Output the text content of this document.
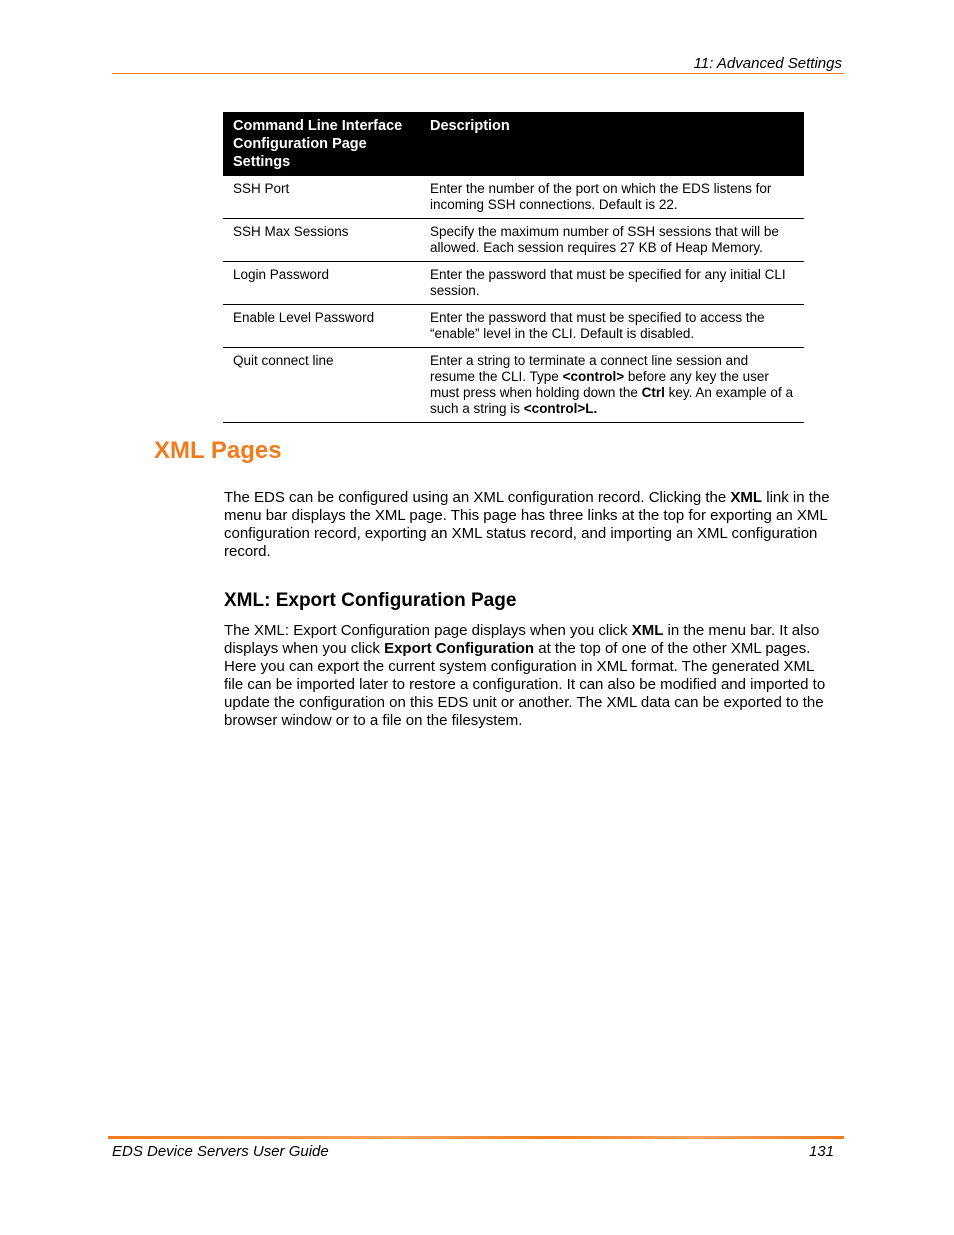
11: Advanced Settings
Command Line Interface Configuration Page Settings	Description
SSH Port	Enter the number of the port on which the EDS listens for incoming SSH connections. Default is 22.
SSH Max Sessions	Specify the maximum number of SSH sessions that will be allowed. Each session requires 27 KB of Heap Memory.
Login Password	Enter the password that must be specified for any initial CLI session.
Enable Level Password	Enter the password that must be specified to access the “enable” level in the CLI. Default is disabled.
Quit connect line	Enter a string to terminate a connect line session and resume the CLI. Type <control> before any key the user must press when holding down the Ctrl key. An example of a such a string is <control>L.
XML Pages
The EDS can be configured using an XML configuration record. Clicking the XML link in the menu bar displays the XML page. This page has three links at the top for exporting an XML configuration record, exporting an XML status record, and importing an XML configuration record.
XML: Export Configuration Page
The XML: Export Configuration page displays when you click XML in the menu bar. It also displays when you click Export Configuration at the top of one of the other XML pages. Here you can export the current system configuration in XML format. The generated XML file can be imported later to restore a configuration. It can also be modified and imported to update the configuration on this EDS unit or another. The XML data can be exported to the browser window or to a file on the filesystem.
EDS Device Servers User Guide	131
